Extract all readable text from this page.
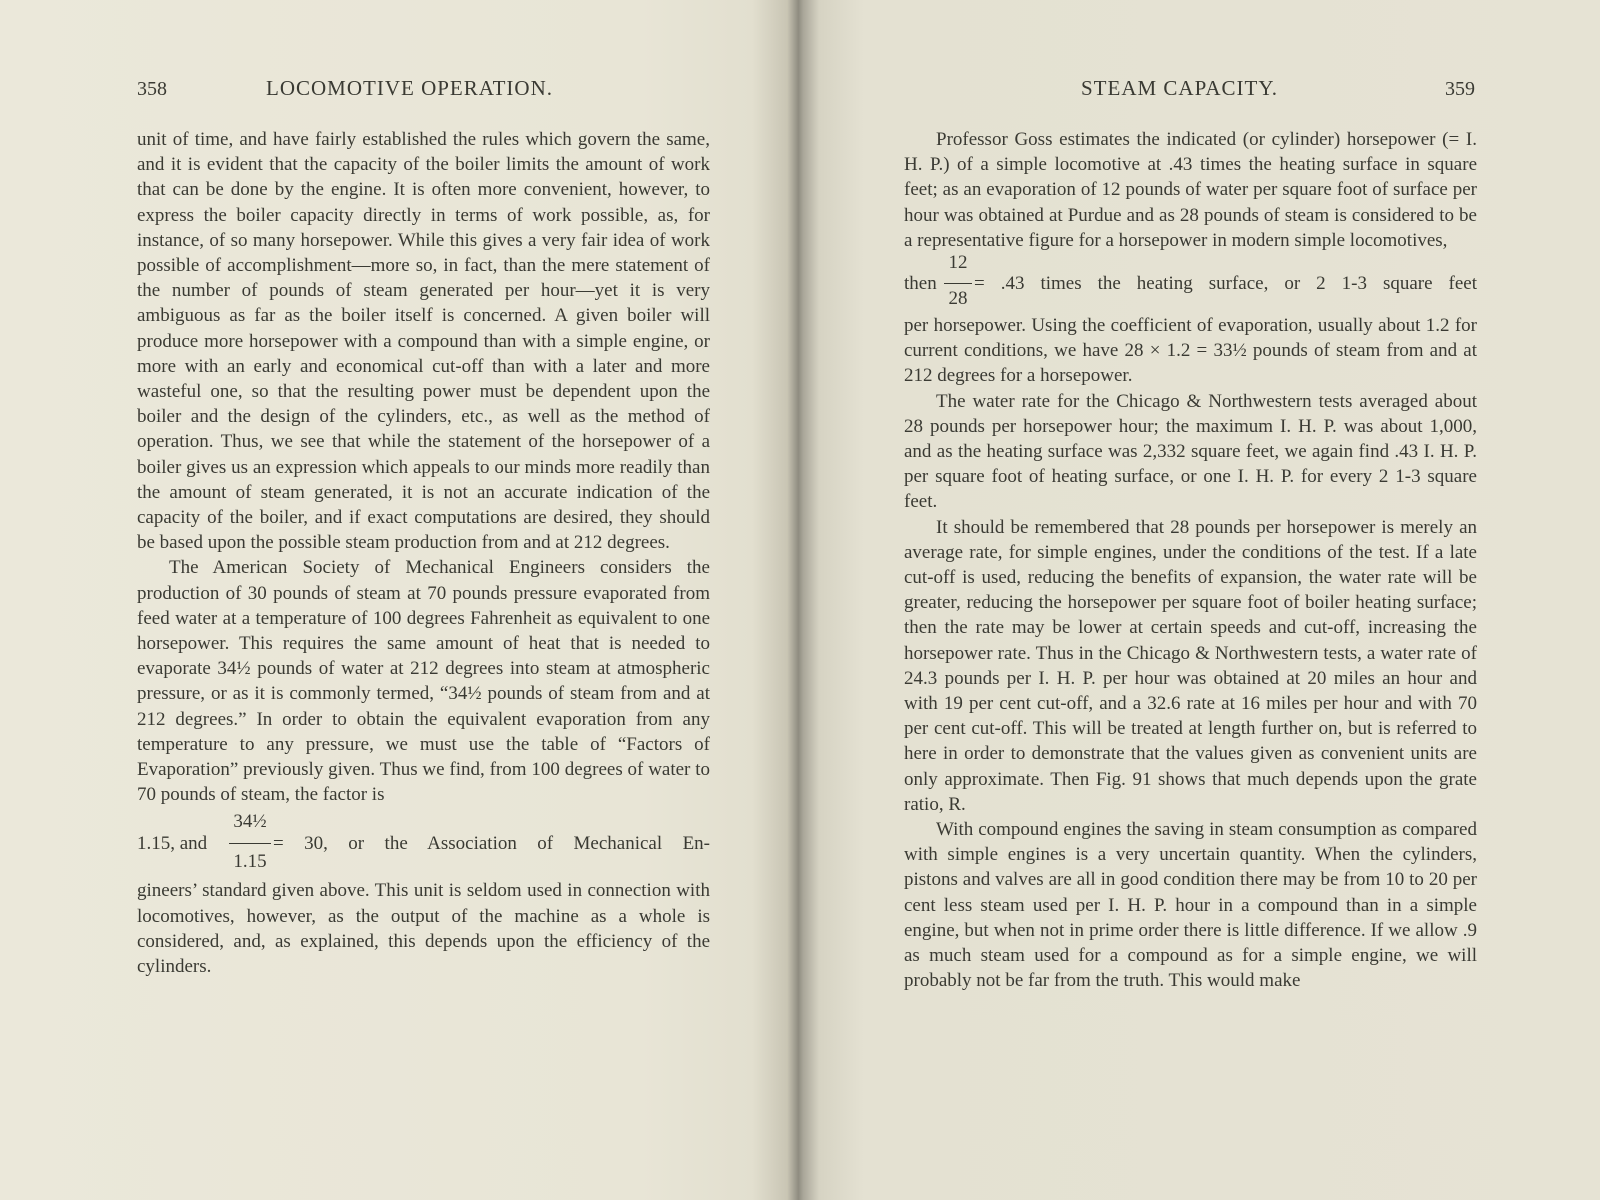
358	LOCOMOTIVE OPERATION.

unit of time, and have fairly established the rules which govern the same, and it is evident that the capacity of the boiler limits the amount of work that can be done by the engine. It is often more convenient, however, to express the boiler capacity directly in terms of work possible, as, for instance, of so many horsepower. While this gives a very fair idea of work possible of accomplishment—more so, in fact, than the mere statement of the number of pounds of steam generated per hour—yet it is very ambiguous as far as the boiler itself is concerned. A given boiler will produce more horsepower with a compound than with a simple engine, or more with an early and economical cut-off than with a later and more wasteful one, so that the resulting power must be dependent upon the boiler and the design of the cylinders, etc., as well as the method of operation. Thus, we see that while the statement of the horsepower of a boiler gives us an expression which appeals to our minds more readily than the amount of steam generated, it is not an accurate indication of the capacity of the boiler, and if exact computations are desired, they should be based upon the possible steam production from and at 212 degrees.

The American Society of Mechanical Engineers considers the production of 30 pounds of steam at 70 pounds pressure evaporated from feed water at a temperature of 100 degrees Fahrenheit as equivalent to one horsepower. This requires the same amount of heat that is needed to evaporate 34½ pounds of water at 212 degrees into steam at atmospheric pressure, or as it is commonly termed, “34½ pounds of steam from and at 212 degrees.” In order to obtain the equivalent evaporation from any temperature to any pressure, we must use the table of “Factors of Evaporation” previously given. Thus we find, from 100 degrees of water to 70 pounds of steam, the factor is

1.15, and
34½
1.15
= 30, or the Association of Mechanical En-

gineers’ standard given above. This unit is seldom used in connection with locomotives, however, as the output of the machine as a whole is considered, and, as explained, this depends upon the efficiency of the cylinders.

STEAM CAPACITY.	359

Professor Goss estimates the indicated (or cylinder) horsepower (= I. H. P.) of a simple locomotive at .43 times the heating surface in square feet; as an evaporation of 12 pounds of water per square foot of surface per hour was obtained at Purdue and as 28 pounds of steam is considered to be a representative figure for a horsepower in modern simple locomotives,

then
12
28
= .43 times the heating surface, or 2 1-3 square feet

per horsepower. Using the coefficient of evaporation, usually about 1.2 for current conditions, we have 28 × 1.2 = 33½ pounds of steam from and at 212 degrees for a horsepower.

The water rate for the Chicago & Northwestern tests averaged about 28 pounds per horsepower hour; the maximum I. H. P. was about 1,000, and as the heating surface was 2,332 square feet, we again find .43 I. H. P. per square foot of heating surface, or one I. H. P. for every 2 1-3 square feet.

It should be remembered that 28 pounds per horsepower is merely an average rate, for simple engines, under the conditions of the test. If a late cut-off is used, reducing the benefits of expansion, the water rate will be greater, reducing the horsepower per square foot of boiler heating surface; then the rate may be lower at certain speeds and cut-off, increasing the horsepower rate. Thus in the Chicago & Northwestern tests, a water rate of 24.3 pounds per I. H. P. per hour was obtained at 20 miles an hour and with 19 per cent cut-off, and a 32.6 rate at 16 miles per hour and with 70 per cent cut-off. This will be treated at length further on, but is referred to here in order to demonstrate that the values given as convenient units are only approximate. Then Fig. 91 shows that much depends upon the grate ratio, R.

With compound engines the saving in steam consumption as compared with simple engines is a very uncertain quantity. When the cylinders, pistons and valves are all in good condition there may be from 10 to 20 per cent less steam used per I. H. P. hour in a compound than in a simple engine, but when not in prime order there is little difference. If we allow .9 as much steam used for a compound as for a simple engine, we will probably not be far from the truth. This would make
